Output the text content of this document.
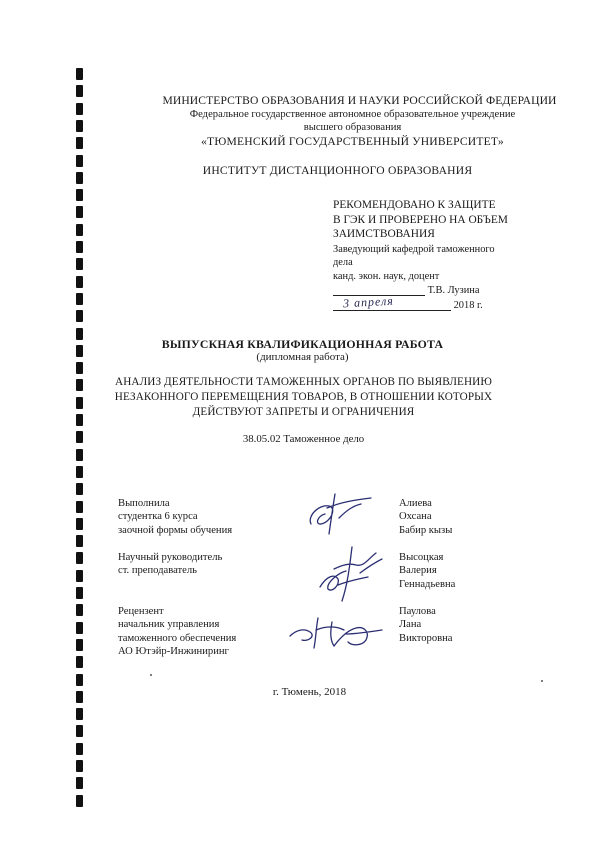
МИНИСТЕРСТВО ОБРАЗОВАНИЯ И НАУКИ РОССИЙСКОЙ ФЕДЕРАЦИИ
Федеральное государственное автономное образовательное учреждение
высшего образования
«ТЮМЕНСКИЙ ГОСУДАРСТВЕННЫЙ УНИВЕРСИТЕТ»
ИНСТИТУТ ДИСТАНЦИОННОГО ОБРАЗОВАНИЯ
РЕКОМЕНДОВАНО К ЗАЩИТЕ
В ГЭК И ПРОВЕРЕНО НА ОБЪЕМ
ЗАИМСТВОВАНИЯ
Заведующий кафедрой таможенного
дела
канд. экон. наук, доцент
Т.В. Лузина
3 апреля	2018 г.
ВЫПУСКНАЯ КВАЛИФИКАЦИОННАЯ РАБОТА
(дипломная работа)
АНАЛИЗ ДЕЯТЕЛЬНОСТИ ТАМОЖЕННЫХ ОРГАНОВ ПО ВЫЯВЛЕНИЮ
НЕЗАКОННОГО ПЕРЕМЕЩЕНИЯ ТОВАРОВ, В ОТНОШЕНИИ КОТОРЫХ
ДЕЙСТВУЮТ ЗАПРЕТЫ И ОГРАНИЧЕНИЯ
38.05.02 Таможенное дело
Выполнила
студентка 6 курса
заочной формы обучения
Алиева
Охсана
Бабир кызы
Научный руководитель
ст. преподаватель
Высоцкая
Валерия
Геннадьевна
Рецензент
начальник управления
таможенного обеспечения
АО Ютэйр-Инжиниринг
Паулова
Лана
Викторовна
г. Тюмень, 2018
